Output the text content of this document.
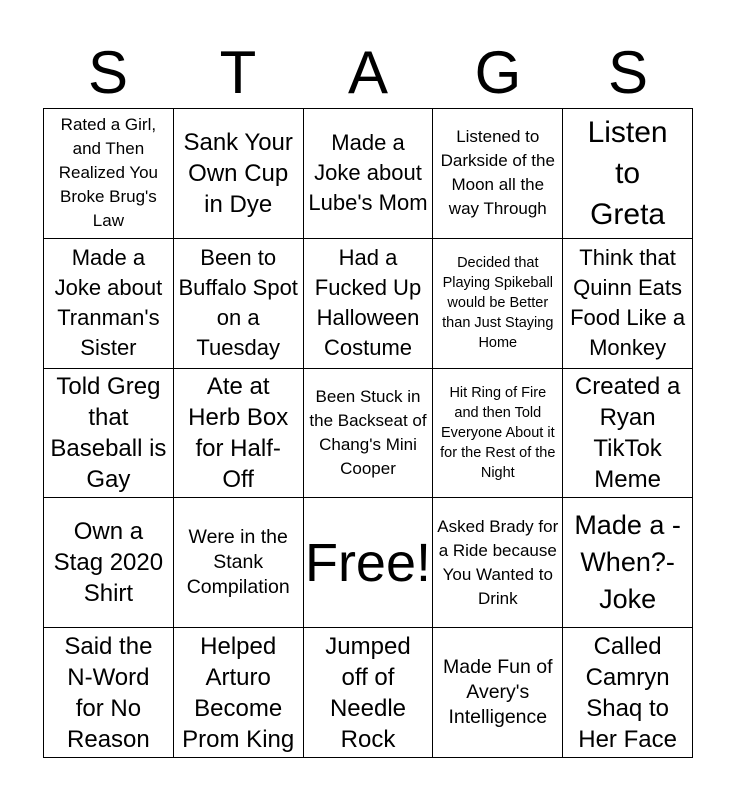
S	T	A	G	S
Rated a Girl, and Then Realized You Broke Brug's Law
Sank Your Own Cup in Dye
Made a Joke about Lube's Mom
Listened to Darkside of the Moon all the way Through
Listen to Greta
Made a Joke about Tranman's Sister
Been to Buffalo Spot on a Tuesday
Had a Fucked Up Halloween Costume
Decided that Playing Spikeball would be Better than Just Staying Home
Think that Quinn Eats Food Like a Monkey
Told Greg that Baseball is Gay
Ate at Herb Box for Half-Off
Been Stuck in the Backseat of Chang's Mini Cooper
Hit Ring of Fire and then Told Everyone About it for the Rest of the Night
Created a Ryan TikTok Meme
Own a Stag 2020 Shirt
Were in the Stank Compilation Free!
Asked Brady for a Ride because You Wanted to Drink
Made a -When?- Joke
Said the N-Word for No Reason
Helped Arturo Become Prom King
Jumped off of Needle Rock
Made Fun of Avery's Intelligence
Called Camryn Shaq to Her Face
